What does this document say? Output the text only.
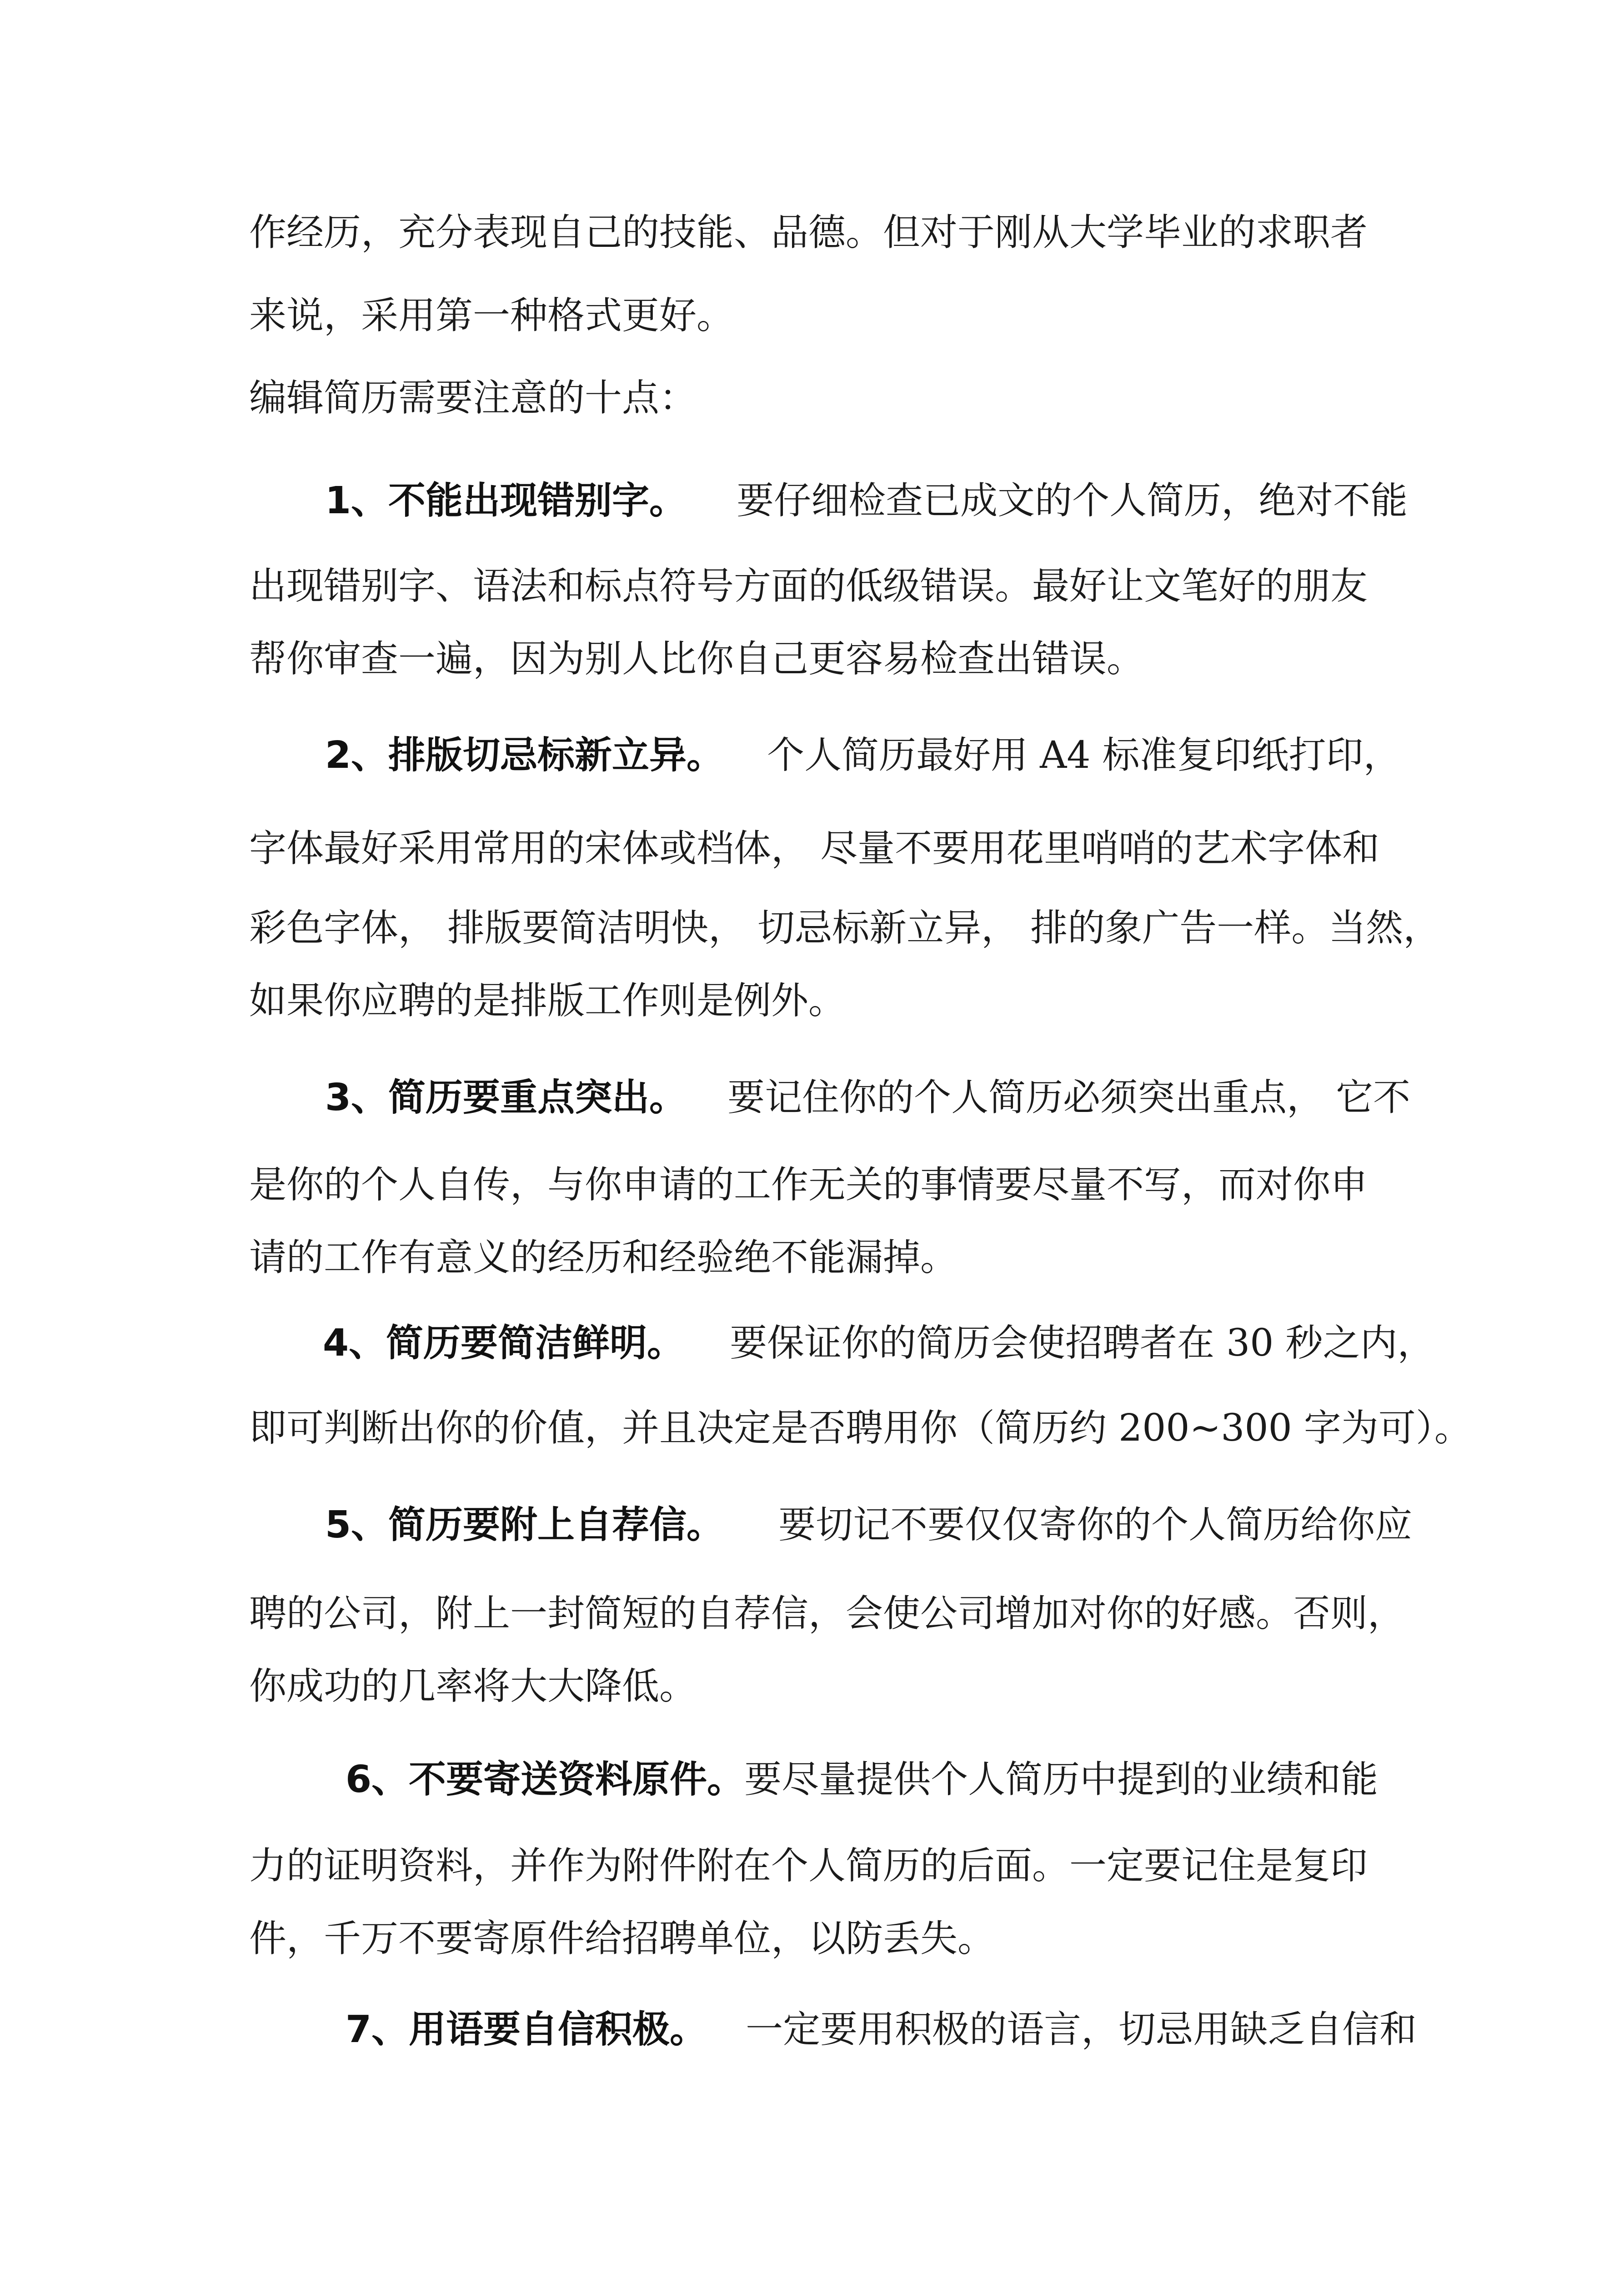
作经历，充分表现自己的技能、品德。但对于刚从大学毕业的求职者
来说，采用第一种格式更好。
编辑简历需要注意的十点：
1、不能出现错别字。 要仔细检查已成文的个人简历，绝对不能
出现错别字、语法和标点符号方面的低级错误。最好让文笔好的朋友
帮你审查一遍，因为别人比你自己更容易检查出错误。
2、排版切忌标新立异。 个人简历最好用 A4 标准复印纸打印，
字体最好采用常用的宋体或档体， 尽量不要用花里哨哨的艺术字体和
彩色字体， 排版要简洁明快， 切忌标新立异， 排的象广告一样。当然，
如果你应聘的是排版工作则是例外。
3、简历要重点突出。 要记住你的个人简历必须突出重点， 它不
是你的个人自传，与你申请的工作无关的事情要尽量不写，而对你申
请的工作有意义的经历和经验绝不能漏掉。
4、简历要简洁鲜明。 要保证你的简历会使招聘者在 30 秒之内，
即可判断出你的价值，并且决定是否聘用你（简历约 200~300 字为可）。
5、简历要附上自荐信。 要切记不要仅仅寄你的个人简历给你应
聘的公司，附上一封简短的自荐信，会使公司增加对你的好感。否则，
你成功的几率将大大降低。
6、不要寄送资料原件。要尽量提供个人简历中提到的业绩和能
力的证明资料，并作为附件附在个人简历的后面。一定要记住是复印
件，千万不要寄原件给招聘单位，以防丢失。
7、用语要自信积极。 一定要用积极的语言，切忌用缺乏自信和
